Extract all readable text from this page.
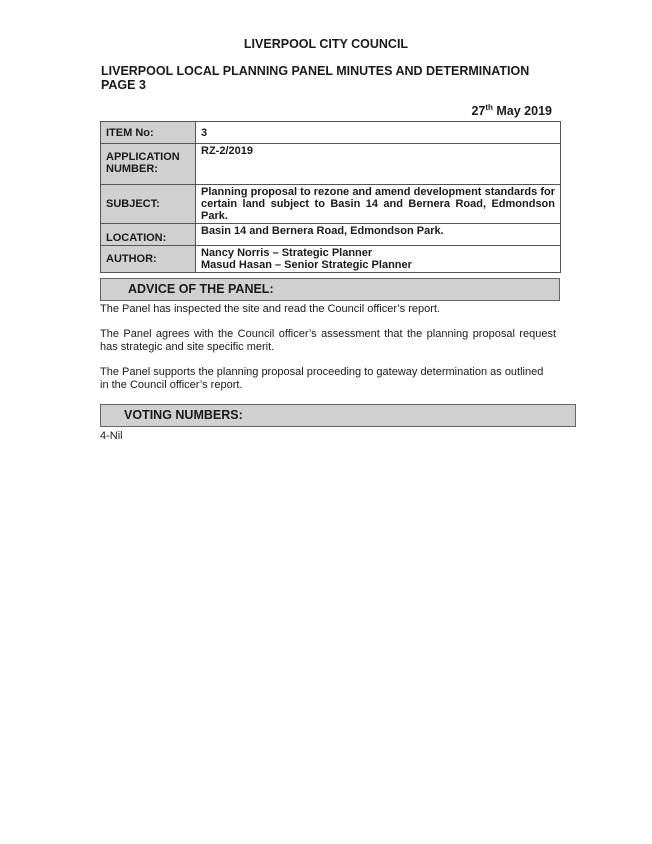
LIVERPOOL CITY COUNCIL
LIVERPOOL LOCAL PLANNING PANEL MINUTES AND DETERMINATION
PAGE 3
27th May 2019
ITEM No:	3

APPLICATION
NUMBER:	RZ-2/2019
SUBJECT:	Planning proposal to rezone and amend development standards for certain land subject to Basin 14 and Bernera Road, Edmondson Park.
LOCATION:	Basin 14 and Bernera Road, Edmondson Park.
AUTHOR:	Nancy Norris – Strategic Planner
Masud Hasan – Senior Strategic Planner
ADVICE OF THE PANEL:
The Panel has inspected the site and read the Council officer’s report.
The Panel agrees with the Council officer’s assessment that the planning proposal request has strategic and site specific merit.
The Panel supports the planning proposal proceeding to gateway determination as outlined in the Council officer’s report.
VOTING NUMBERS:
4-Nil
